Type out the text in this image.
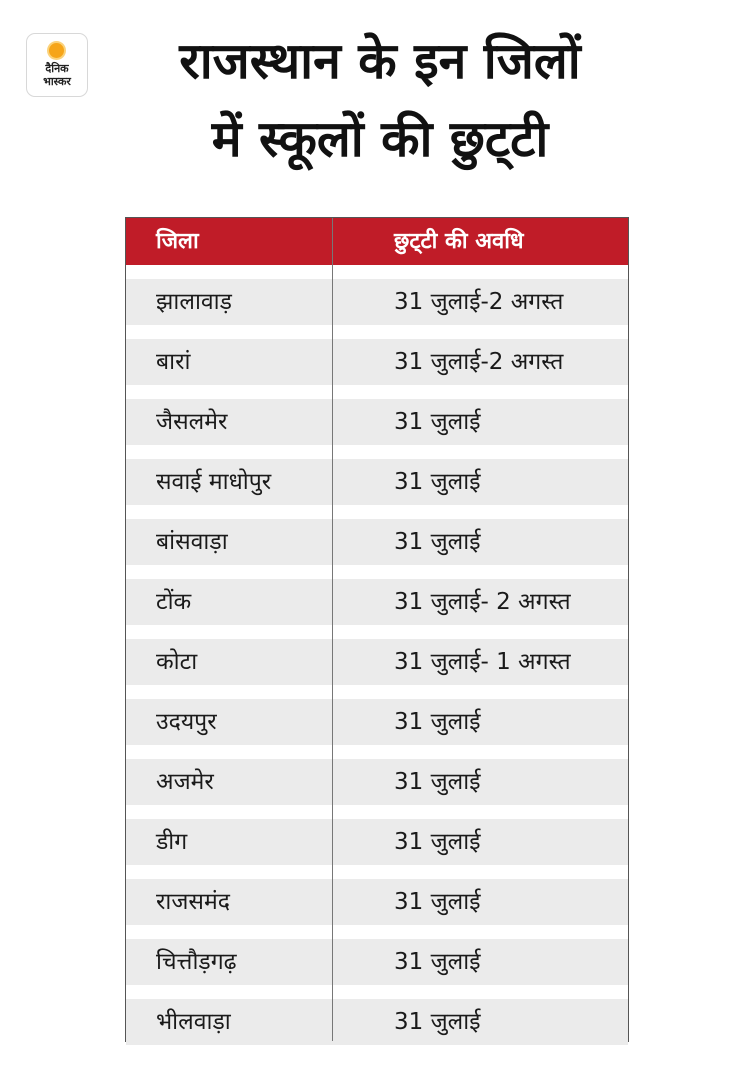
दैनिक
भास्कर	राजस्थान के इन जिलों
में स्कूलों की छुट्‌टी
जिला	छुट्‌टी की अवधि
झालावाड़	31 जुलाई-2 अगस्त
बारां	31 जुलाई-2 अगस्त
जैसलमेर	31 जुलाई
सवाई माधोपुर	31 जुलाई
बांसवाड़ा	31 जुलाई
टोंक	31 जुलाई- 2 अगस्त
कोटा	31 जुलाई- 1 अगस्त
उदयपुर	31 जुलाई
अजमेर	31 जुलाई
डीग	31 जुलाई
राजसमंद	31 जुलाई
चित्तौड़गढ़	31 जुलाई
भीलवाड़ा	31 जुलाई
